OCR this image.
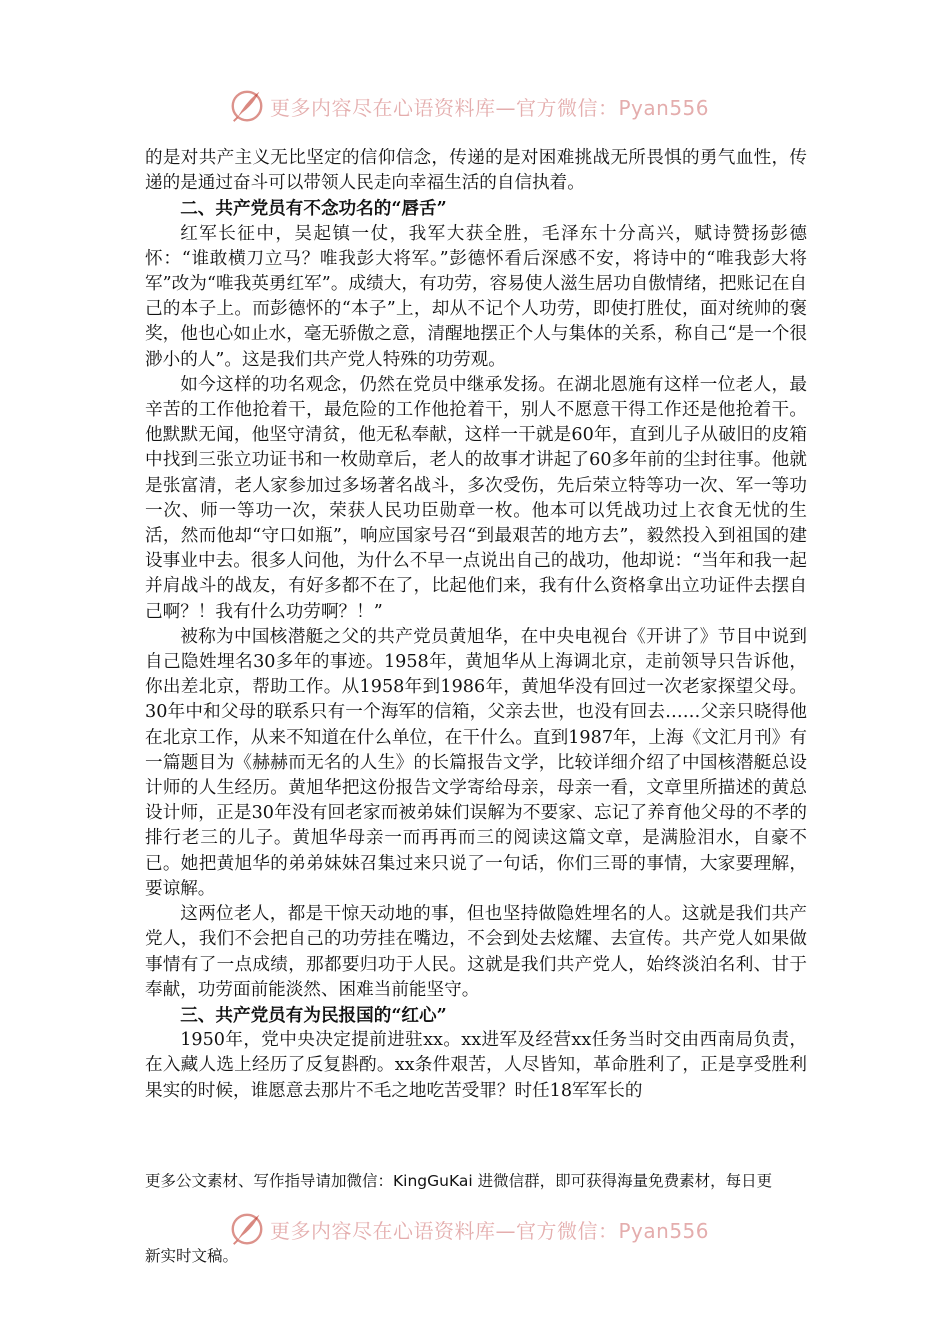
更多内容尽在心语资料库—官方微信：Pyan556

的是对共产主义无比坚定的信仰信念，传递的是对困难挑战无所畏惧的勇气血性，传递的是通过奋斗可以带领人民走向幸福生活的自信执着。

二、共产党员有不念功名的“唇舌”

红军长征中，吴起镇一仗，我军大获全胜，毛泽东十分高兴，赋诗赞扬彭德怀：“谁敢横刀立马？唯我彭大将军。”彭德怀看后深感不安，将诗中的“唯我彭大将军”改为“唯我英勇红军”。成绩大，有功劳，容易使人滋生居功自傲情绪，把账记在自己的本子上。而彭德怀的“本子”上，却从不记个人功劳，即使打胜仗，面对统帅的褒奖，他也心如止水，毫无骄傲之意，清醒地摆正个人与集体的关系，称自己“是一个很渺小的人”。这是我们共产党人特殊的功劳观。

如今这样的功名观念，仍然在党员中继承发扬。在湖北恩施有这样一位老人，最辛苦的工作他抢着干，最危险的工作他抢着干，别人不愿意干得工作还是他抢着干。他默默无闻，他坚守清贫，他无私奉献，这样一干就是60年，直到儿子从破旧的皮箱中找到三张立功证书和一枚勋章后，老人的故事才讲起了60多年前的尘封往事。他就是张富清，老人家参加过多场著名战斗，多次受伤，先后荣立特等功一次、军一等功一次、师一等功一次，荣获人民功臣勋章一枚。他本可以凭战功过上衣食无忧的生活，然而他却“守口如瓶”，响应国家号召“到最艰苦的地方去”，毅然投入到祖国的建设事业中去。很多人问他，为什么不早一点说出自己的战功，他却说：“当年和我一起并肩战斗的战友，有好多都不在了，比起他们来，我有什么资格拿出立功证件去摆自己啊？！我有什么功劳啊？！”

被称为中国核潜艇之父的共产党员黄旭华，在中央电视台《开讲了》节目中说到自己隐姓埋名30多年的事迹。1958年，黄旭华从上海调北京，走前领导只告诉他，你出差北京，帮助工作。从1958年到1986年，黄旭华没有回过一次老家探望父母。30年中和父母的联系只有一个海军的信箱，父亲去世，也没有回去……父亲只晓得他在北京工作，从来不知道在什么单位，在干什么。直到1987年，上海《文汇月刊》有一篇题目为《赫赫而无名的人生》的长篇报告文学，比较详细介绍了中国核潜艇总设计师的人生经历。黄旭华把这份报告文学寄给母亲，母亲一看，文章里所描述的黄总设计师，正是30年没有回老家而被弟妹们误解为不要家、忘记了养育他父母的不孝的排行老三的儿子。黄旭华母亲一而再再而三的阅读这篇文章，是满脸泪水，自豪不已。她把黄旭华的弟弟妹妹召集过来只说了一句话，你们三哥的事情，大家要理解，要谅解。

这两位老人，都是干惊天动地的事，但也坚持做隐姓埋名的人。这就是我们共产党人，我们不会把自己的功劳挂在嘴边，不会到处去炫耀、去宣传。共产党人如果做事情有了一点成绩，那都要归功于人民。这就是我们共产党人，始终淡泊名利、甘于奉献，功劳面前能淡然、困难当前能坚守。

三、共产党员有为民报国的“红心”

1950年，党中央决定提前进驻xx。xx进军及经营xx任务当时交由西南局负责，在入藏人选上经历了反复斟酌。xx条件艰苦，人尽皆知，革命胜利了，正是享受胜利果实的时候，谁愿意去那片不毛之地吃苦受罪？时任18军军长的

更多公文素材、写作指导请加微信：KingGuKai 进微信群，即可获得海量免费素材，每日更
更多内容尽在心语资料库—官方微信：Pyan556
新实时文稿。
